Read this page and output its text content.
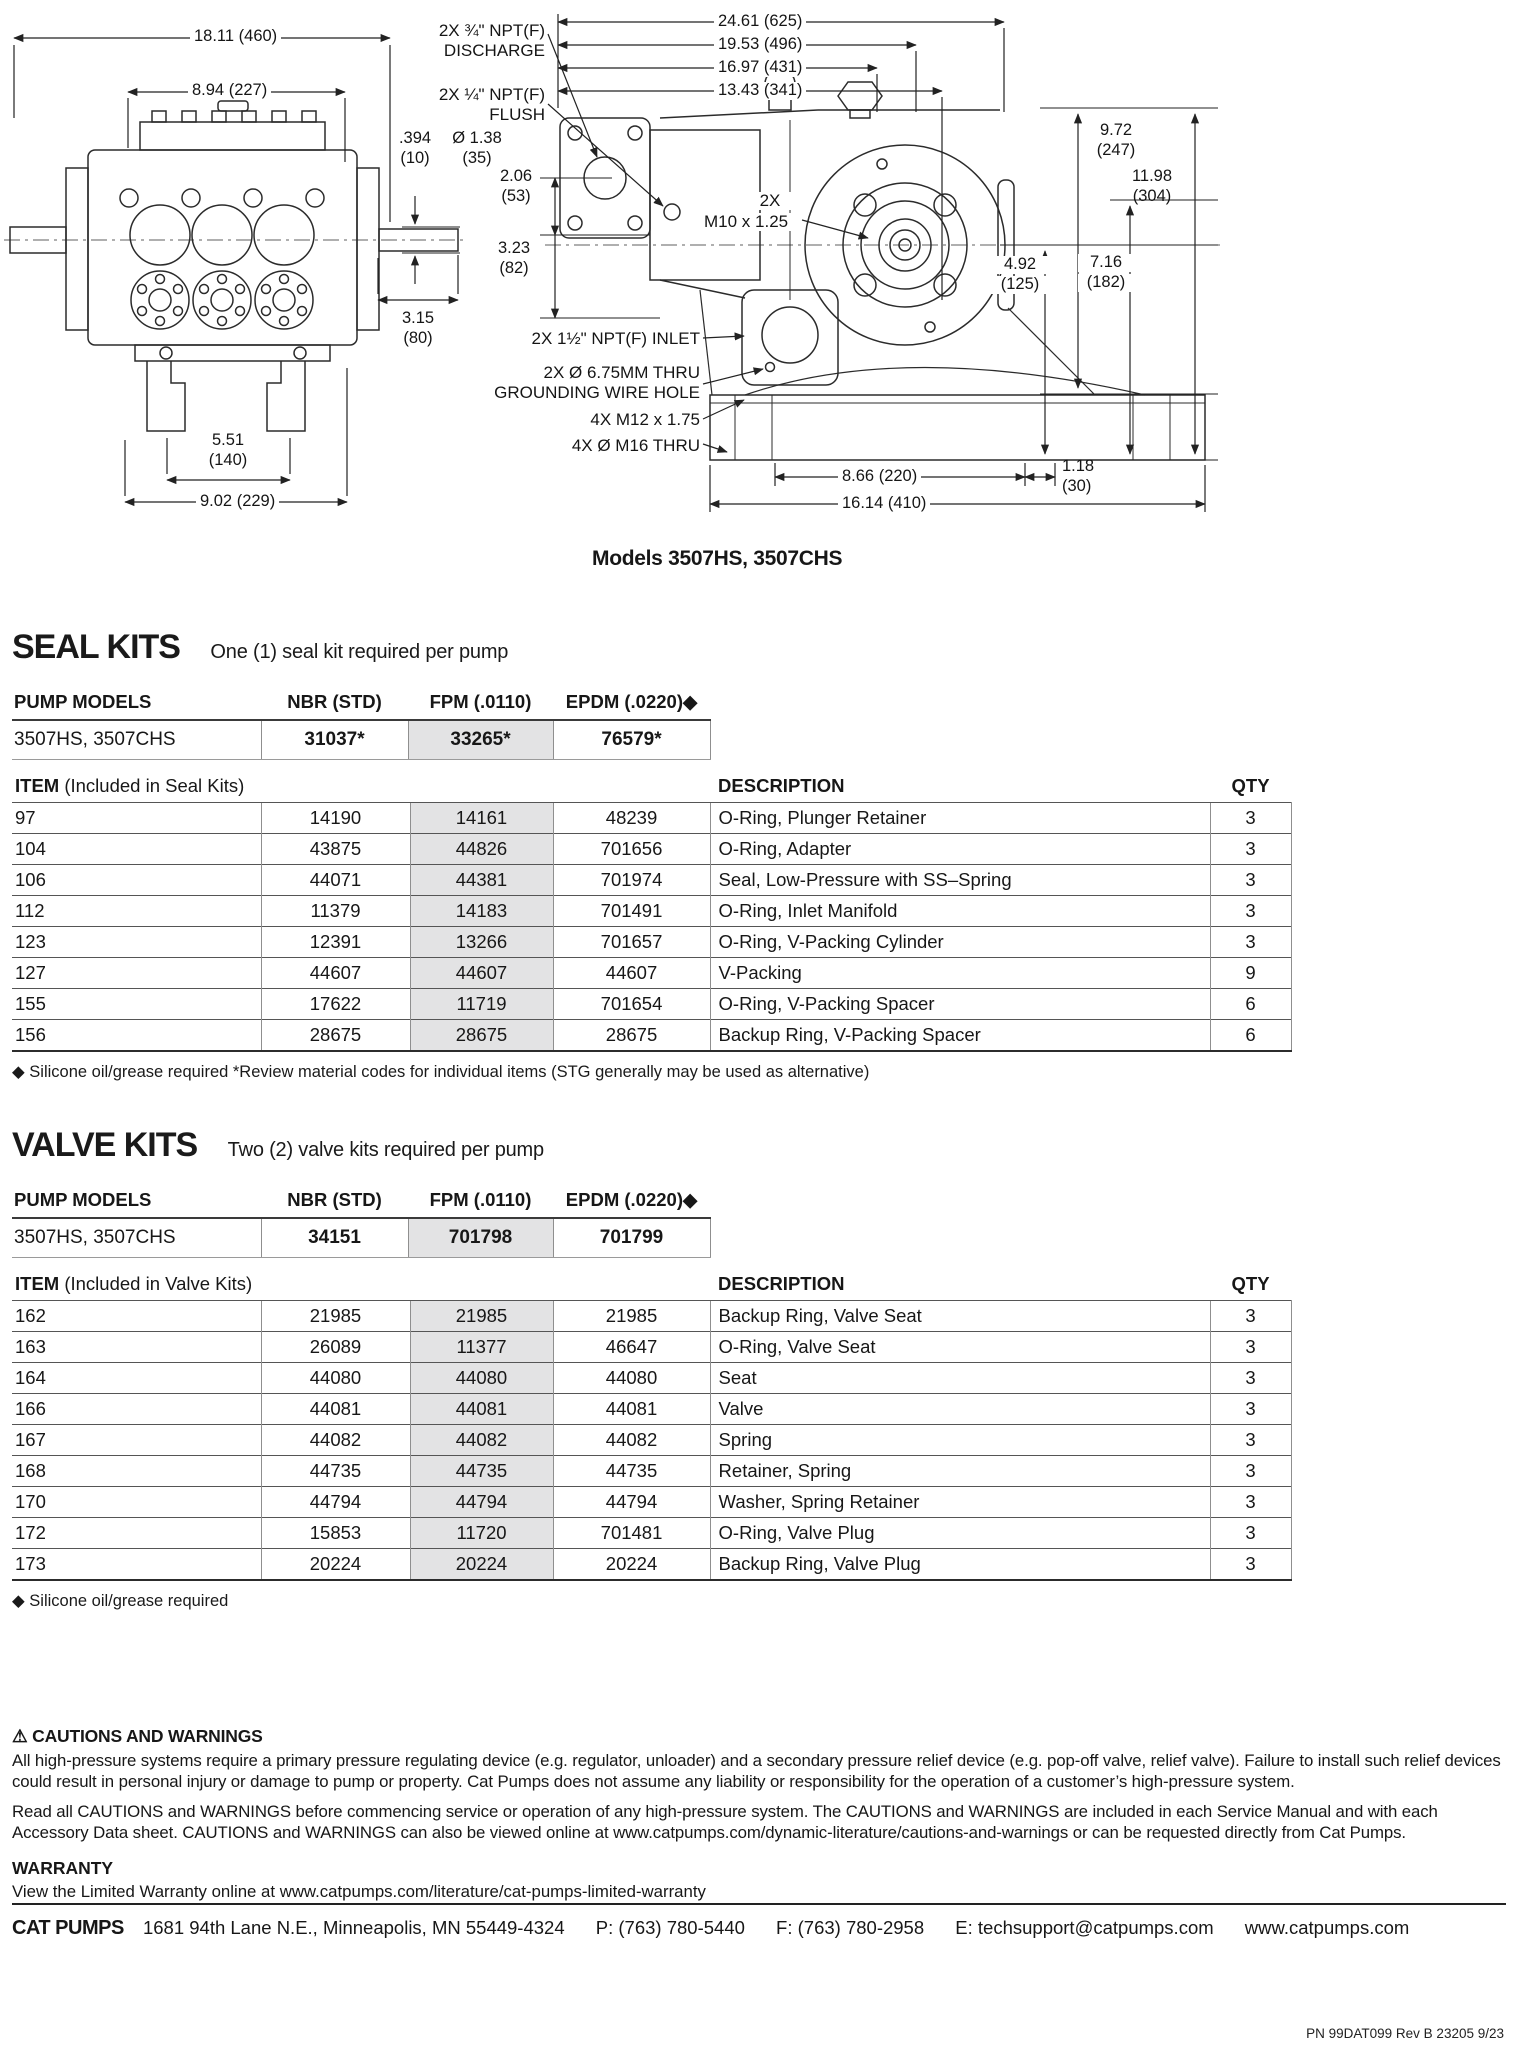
18.11 (460)
8.94 (227)
.394
(10)
Ø 1.38
(35)
3.15
(80)
5.51
(140)
9.02 (229)
24.61 (625)
19.53 (496)
16.97 (431)
13.43 (341)
2X ¾" NPT(F)
DISCHARGE
2X ¼" NPT(F)
FLUSH
2.06
(53)
3.23
(82)
2X 1½" NPT(F) INLET
2X Ø 6.75MM THRU
GROUNDING WIRE HOLE
4X M12 x 1.75
4X Ø M16 THRU
2X
M10 x 1.25
9.72
(247)
11.98
(304)
4.92
(125)
7.16
(182)
8.66 (220)
1.18
(30)
16.14 (410)
Models 3507HS, 3507CHS
SEAL KITS One (1) seal kit required per pump
PUMP MODELS	NBR (STD)	FPM (.0110)	EPDM (.0220)◆
3507HS, 3507CHS	31037*	33265*	76579*
ITEM (Included in Seal Kits)				DESCRIPTION	QTY
97	14190	14161	48239	O-Ring, Plunger Retainer	3
104	43875	44826	701656	O-Ring, Adapter	3
106	44071	44381	701974	Seal, Low-Pressure with SS–Spring	3
112	11379	14183	701491	O-Ring, Inlet Manifold	3
123	12391	13266	701657	O-Ring, V-Packing Cylinder	3
127	44607	44607	44607	V-Packing	9
155	17622	11719	701654	O-Ring, V-Packing Spacer	6
156	28675	28675	28675	Backup Ring, V-Packing Spacer	6
◆ Silicone oil/grease required *Review material codes for individual items (STG generally may be used as alternative)
VALVE KITS Two (2) valve kits required per pump
PUMP MODELS	NBR (STD)	FPM (.0110)	EPDM (.0220)◆
3507HS, 3507CHS	34151	701798	701799
ITEM (Included in Valve Kits)				DESCRIPTION	QTY
162	21985	21985	21985	Backup Ring, Valve Seat	3
163	26089	11377	46647	O-Ring, Valve Seat	3
164	44080	44080	44080	Seat	3
166	44081	44081	44081	Valve	3
167	44082	44082	44082	Spring	3
168	44735	44735	44735	Retainer, Spring	3
170	44794	44794	44794	Washer, Spring Retainer	3
172	15853	11720	701481	O-Ring, Valve Plug	3
173	20224	20224	20224	Backup Ring, Valve Plug	3
◆ Silicone oil/grease required
⚠ CAUTIONS AND WARNINGS
All high-pressure systems require a primary pressure regulating device (e.g. regulator, unloader) and a secondary pressure relief device (e.g. pop-off valve, relief valve). Failure to install such relief devices could result in personal injury or damage to pump or property. Cat Pumps does not assume any liability or responsibility for the operation of a customer’s high-pressure system.
Read all CAUTIONS and WARNINGS before commencing service or operation of any high-pressure system. The CAUTIONS and WARNINGS are included in each Service Manual and with each Accessory Data sheet. CAUTIONS and WARNINGS can also be viewed online at www.catpumps.com/dynamic-literature/cautions-and-warnings or can be requested directly from Cat Pumps.
WARRANTY
View the Limited Warranty online at www.catpumps.com/literature/cat-pumps-limited-warranty
CAT PUMPS 1681 94th Lane N.E., Minneapolis, MN 55449-4324 P: (763) 780-5440 F: (763) 780-2958 E: techsupport@catpumps.com www.catpumps.com
PN 99DAT099 Rev B 23205 9/23
